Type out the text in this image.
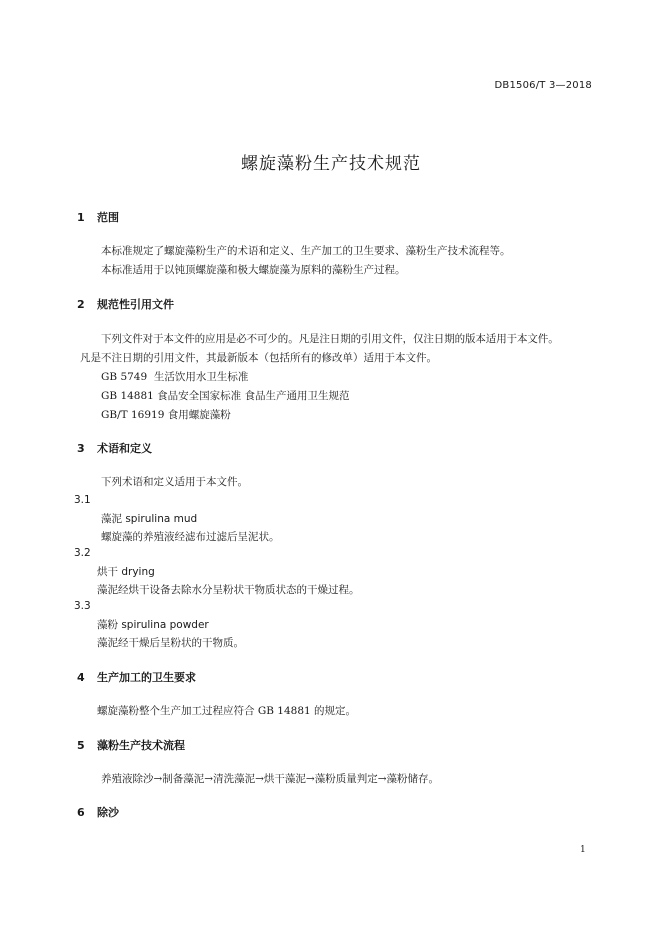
DB1506/T 3—2018
螺旋藻粉生产技术规范
1 范围
本标准规定了螺旋藻粉生产的术语和定义、生产加工的卫生要求、藻粉生产技术流程等。
本标准适用于以钝顶螺旋藻和极大螺旋藻为原料的藻粉生产过程。
2 规范性引用文件
下列文件对于本文件的应用是必不可少的。凡是注日期的引用文件，仅注日期的版本适用于本文件。
凡是不注日期的引用文件，其最新版本（包括所有的修改单）适用于本文件。
GB 5749  生活饮用水卫生标准
GB 14881 食品安全国家标准 食品生产通用卫生规范
GB/T 16919 食用螺旋藻粉
3 术语和定义
下列术语和定义适用于本文件。
3.1
藻泥 spirulina mud
螺旋藻的养殖液经滤布过滤后呈泥状。
3.2
烘干 drying
藻泥经烘干设备去除水分呈粉状干物质状态的干燥过程。
3.3
藻粉 spirulina powder
藻泥经干燥后呈粉状的干物质。
4 生产加工的卫生要求
螺旋藻粉整个生产加工过程应符合 GB 14881 的规定。
5 藻粉生产技术流程
养殖液除沙→制备藻泥→清洗藻泥→烘干藻泥→藻粉质量判定→藻粉储存。
6 除沙
1
